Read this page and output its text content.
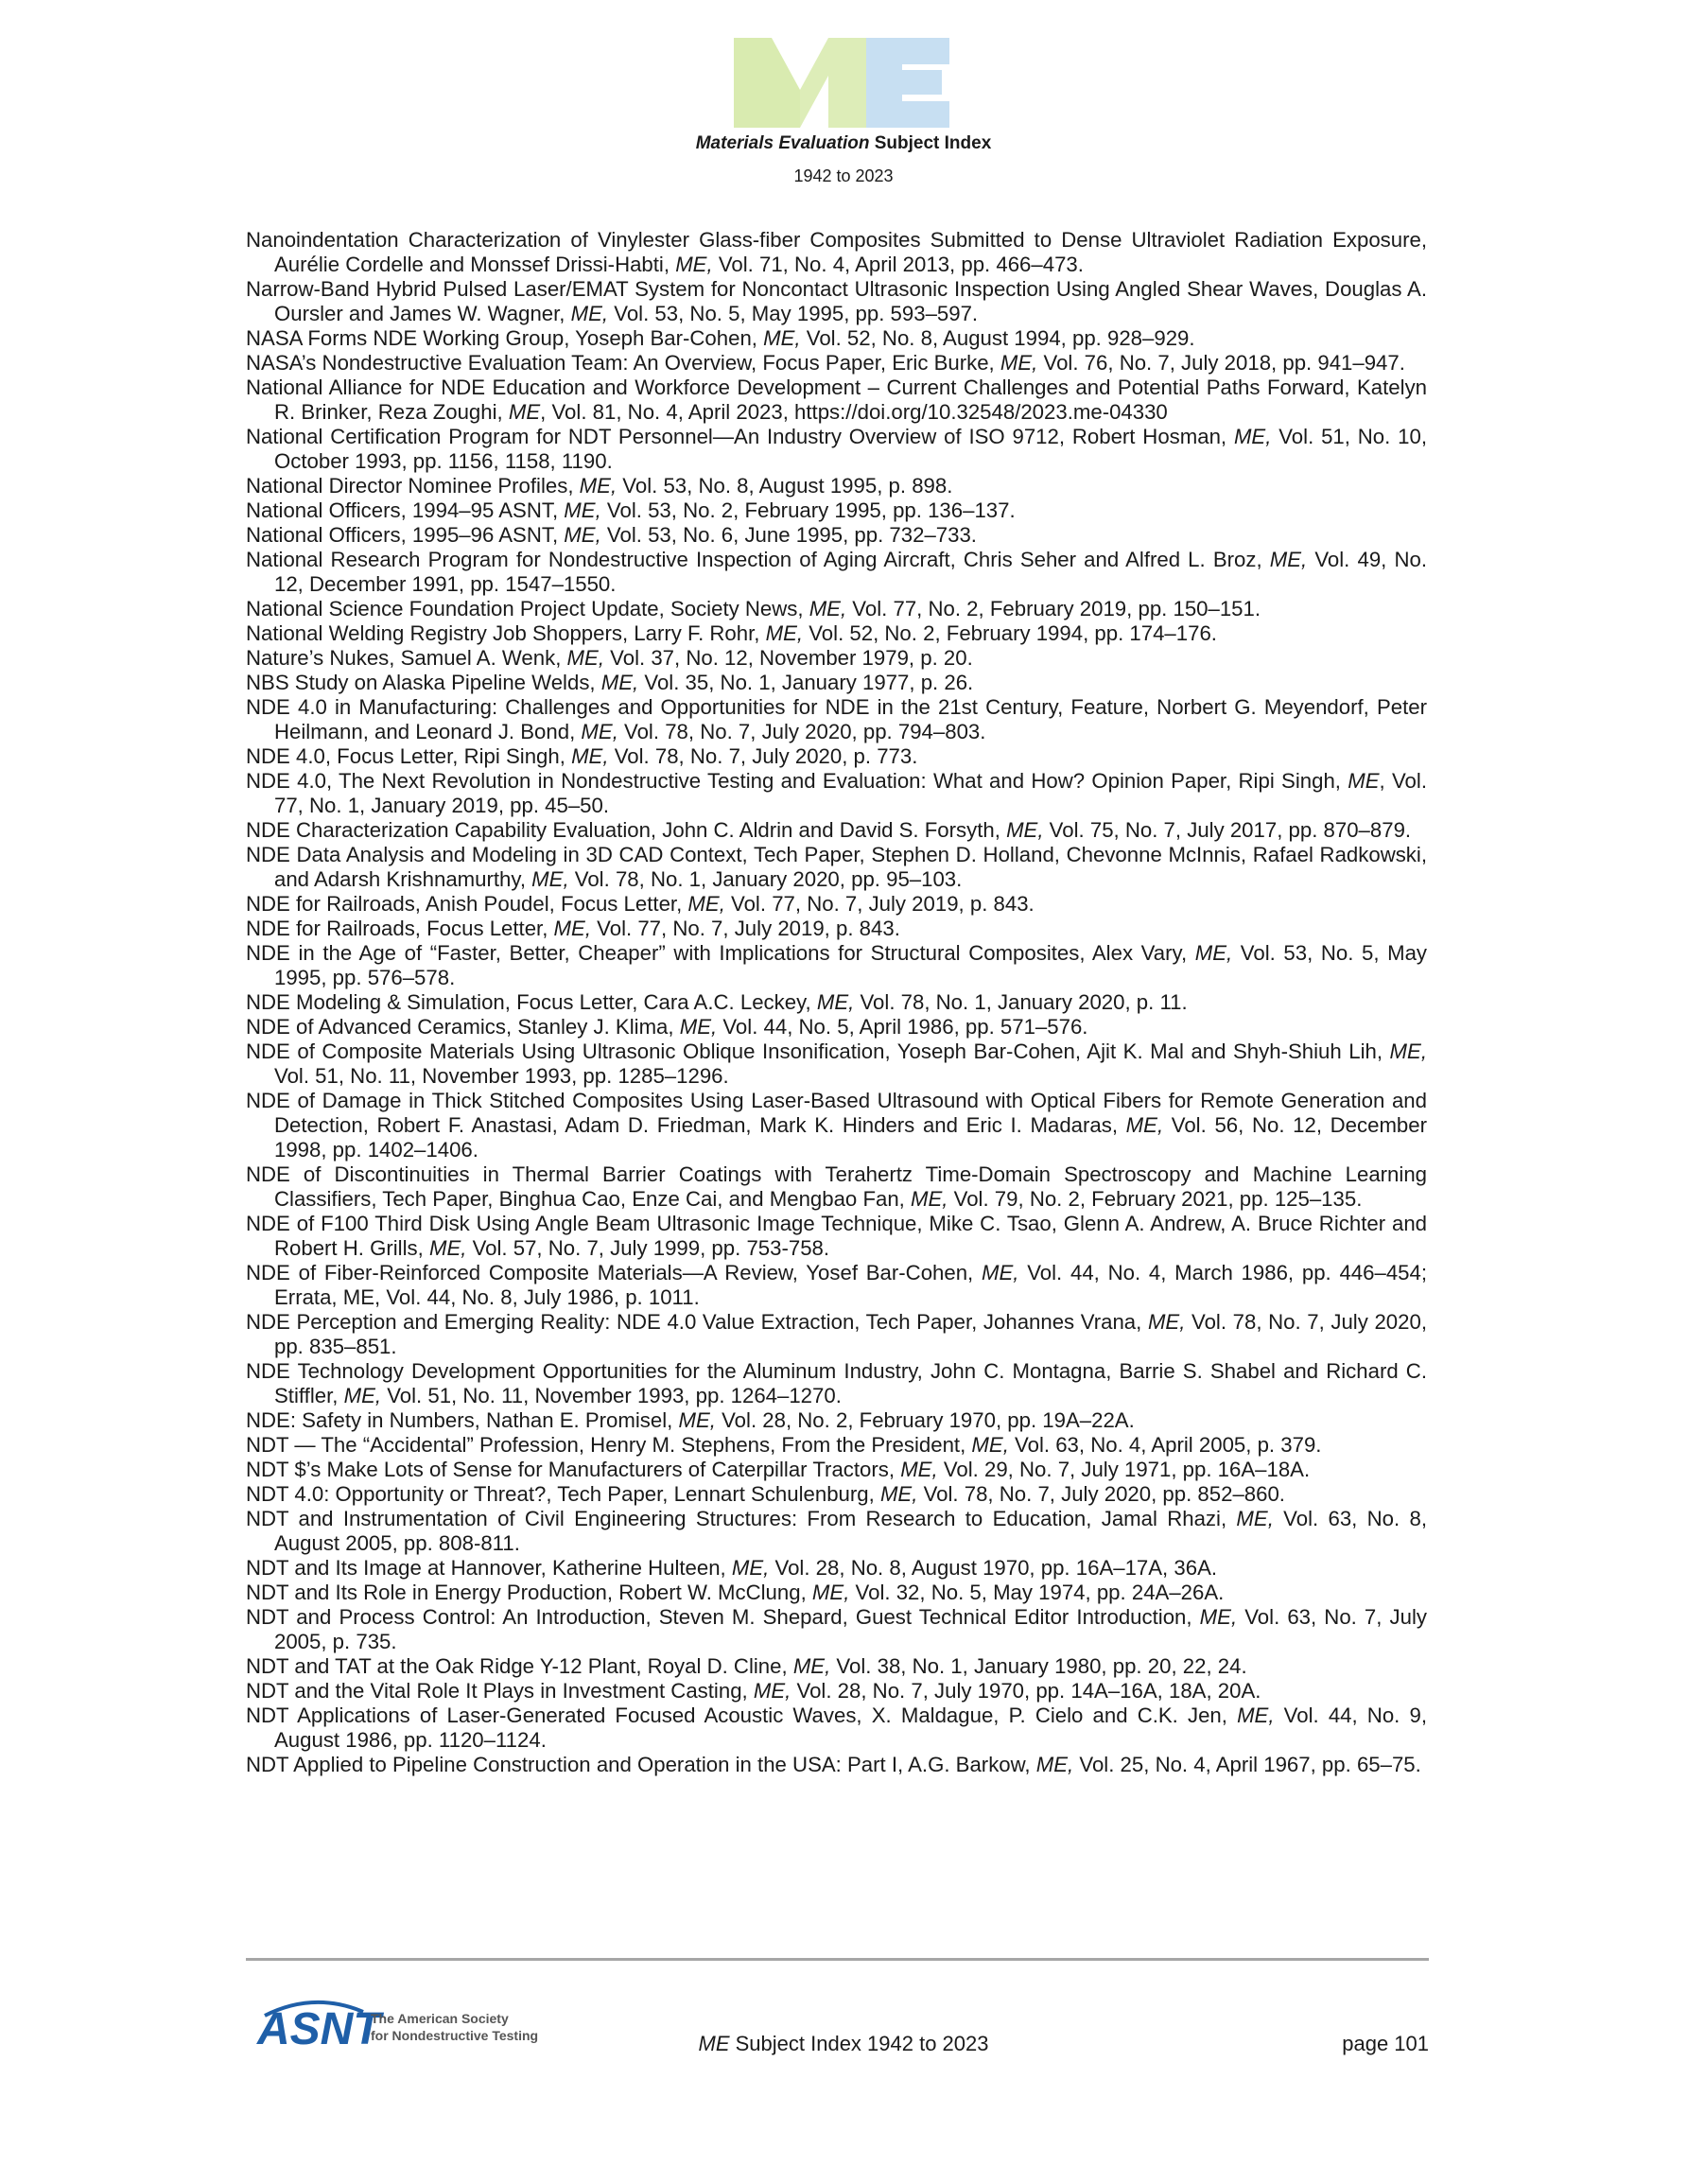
Materials Evaluation Subject Index
1942 to 2023
Nanoindentation Characterization of Vinylester Glass-fiber Composites Submitted to Dense Ultraviolet Radiation Exposure, Aurélie Cordelle and Monssef Drissi-Habti, ME, Vol. 71, No. 4, April 2013, pp. 466–473.
Narrow-Band Hybrid Pulsed Laser/EMAT System for Noncontact Ultrasonic Inspection Using Angled Shear Waves, Douglas A. Oursler and James W. Wagner, ME, Vol. 53, No. 5, May 1995, pp. 593–597.
NASA Forms NDE Working Group, Yoseph Bar-Cohen, ME, Vol. 52, No. 8, August 1994, pp. 928–929.
NASA’s Nondestructive Evaluation Team: An Overview, Focus Paper, Eric Burke, ME, Vol. 76, No. 7, July 2018, pp. 941–947.
National Alliance for NDE Education and Workforce Development – Current Challenges and Potential Paths Forward, Katelyn R. Brinker, Reza Zoughi, ME, Vol. 81, No. 4, April 2023, https://doi.org/10.32548/2023.me-04330
National Certification Program for NDT Personnel—An Industry Overview of ISO 9712, Robert Hosman, ME, Vol. 51, No. 10, October 1993, pp. 1156, 1158, 1190.
National Director Nominee Profiles, ME, Vol. 53, No. 8, August 1995, p. 898.
National Officers, 1994–95 ASNT, ME, Vol. 53, No. 2, February 1995, pp. 136–137.
National Officers, 1995–96 ASNT, ME, Vol. 53, No. 6, June 1995, pp. 732–733.
National Research Program for Nondestructive Inspection of Aging Aircraft, Chris Seher and Alfred L. Broz, ME, Vol. 49, No. 12, December 1991, pp. 1547–1550.
National Science Foundation Project Update, Society News, ME, Vol. 77, No. 2, February 2019, pp. 150–151.
National Welding Registry Job Shoppers, Larry F. Rohr, ME, Vol. 52, No. 2, February 1994, pp. 174–176.
Nature’s Nukes, Samuel A. Wenk, ME, Vol. 37, No. 12, November 1979, p. 20.
NBS Study on Alaska Pipeline Welds, ME, Vol. 35, No. 1, January 1977, p. 26.
NDE 4.0 in Manufacturing: Challenges and Opportunities for NDE in the 21st Century, Feature, Norbert G. Meyendorf, Peter Heilmann, and Leonard J. Bond, ME, Vol. 78, No. 7, July 2020, pp. 794–803.
NDE 4.0, Focus Letter, Ripi Singh, ME, Vol. 78, No. 7, July 2020, p. 773.
NDE 4.0, The Next Revolution in Nondestructive Testing and Evaluation: What and How? Opinion Paper, Ripi Singh, ME, Vol. 77, No. 1, January 2019, pp. 45–50.
NDE Characterization Capability Evaluation, John C. Aldrin and David S. Forsyth, ME, Vol. 75, No. 7, July 2017, pp. 870–879.
NDE Data Analysis and Modeling in 3D CAD Context, Tech Paper, Stephen D. Holland, Chevonne McInnis, Rafael Radkowski, and Adarsh Krishnamurthy, ME, Vol. 78, No. 1, January 2020, pp. 95–103.
NDE for Railroads, Anish Poudel, Focus Letter, ME, Vol. 77, No. 7, July 2019, p. 843.
NDE for Railroads, Focus Letter, ME, Vol. 77, No. 7, July 2019, p. 843.
NDE in the Age of “Faster, Better, Cheaper” with Implications for Structural Composites, Alex Vary, ME, Vol. 53, No. 5, May 1995, pp. 576–578.
NDE Modeling & Simulation, Focus Letter, Cara A.C. Leckey, ME, Vol. 78, No. 1, January 2020, p. 11.
NDE of Advanced Ceramics, Stanley J. Klima, ME, Vol. 44, No. 5, April 1986, pp. 571–576.
NDE of Composite Materials Using Ultrasonic Oblique Insonification, Yoseph Bar-Cohen, Ajit K. Mal and Shyh-Shiuh Lih, ME, Vol. 51, No. 11, November 1993, pp. 1285–1296.
NDE of Damage in Thick Stitched Composites Using Laser-Based Ultrasound with Optical Fibers for Remote Generation and Detection, Robert F. Anastasi, Adam D. Friedman, Mark K. Hinders and Eric I. Madaras, ME, Vol. 56, No. 12, December 1998, pp. 1402–1406.
NDE of Discontinuities in Thermal Barrier Coatings with Terahertz Time-Domain Spectroscopy and Machine Learning Classifiers, Tech Paper, Binghua Cao, Enze Cai, and Mengbao Fan, ME, Vol. 79, No. 2, February 2021, pp. 125–135.
NDE of F100 Third Disk Using Angle Beam Ultrasonic Image Technique, Mike C. Tsao, Glenn A. Andrew, A. Bruce Richter and Robert H. Grills, ME, Vol. 57, No. 7, July 1999, pp. 753-758.
NDE of Fiber-Reinforced Composite Materials—A Review, Yosef Bar-Cohen, ME, Vol. 44, No. 4, March 1986, pp. 446–454; Errata, ME, Vol. 44, No. 8, July 1986, p. 1011.
NDE Perception and Emerging Reality: NDE 4.0 Value Extraction, Tech Paper, Johannes Vrana, ME, Vol. 78, No. 7, July 2020, pp. 835–851.
NDE Technology Development Opportunities for the Aluminum Industry, John C. Montagna, Barrie S. Shabel and Richard C. Stiffler, ME, Vol. 51, No. 11, November 1993, pp. 1264–1270.
NDE: Safety in Numbers, Nathan E. Promisel, ME, Vol. 28, No. 2, February 1970, pp. 19A–22A.
NDT — The “Accidental” Profession, Henry M. Stephens, From the President, ME, Vol. 63, No. 4, April 2005, p. 379.
NDT $’s Make Lots of Sense for Manufacturers of Caterpillar Tractors, ME, Vol. 29, No. 7, July 1971, pp. 16A–18A.
NDT 4.0: Opportunity or Threat?, Tech Paper, Lennart Schulenburg, ME, Vol. 78, No. 7, July 2020, pp. 852–860.
NDT and Instrumentation of Civil Engineering Structures: From Research to Education, Jamal Rhazi, ME, Vol. 63, No. 8, August 2005, pp. 808-811.
NDT and Its Image at Hannover, Katherine Hulteen, ME, Vol. 28, No. 8, August 1970, pp. 16A–17A, 36A.
NDT and Its Role in Energy Production, Robert W. McClung, ME, Vol. 32, No. 5, May 1974, pp. 24A–26A.
NDT and Process Control: An Introduction, Steven M. Shepard, Guest Technical Editor Introduction, ME, Vol. 63, No. 7, July 2005, p. 735.
NDT and TAT at the Oak Ridge Y-12 Plant, Royal D. Cline, ME, Vol. 38, No. 1, January 1980, pp. 20, 22, 24.
NDT and the Vital Role It Plays in Investment Casting, ME, Vol. 28, No. 7, July 1970, pp. 14A–16A, 18A, 20A.
NDT Applications of Laser-Generated Focused Acoustic Waves, X. Maldague, P. Cielo and C.K. Jen, ME, Vol. 44, No. 9, August 1986, pp. 1120–1124.
NDT Applied to Pipeline Construction and Operation in the USA: Part I, A.G. Barkow, ME, Vol. 25, No. 4, April 1967, pp. 65–75.
ASNT
The American Society
for Nondestructive Testing	ME Subject Index 1942 to 2023	page 101
